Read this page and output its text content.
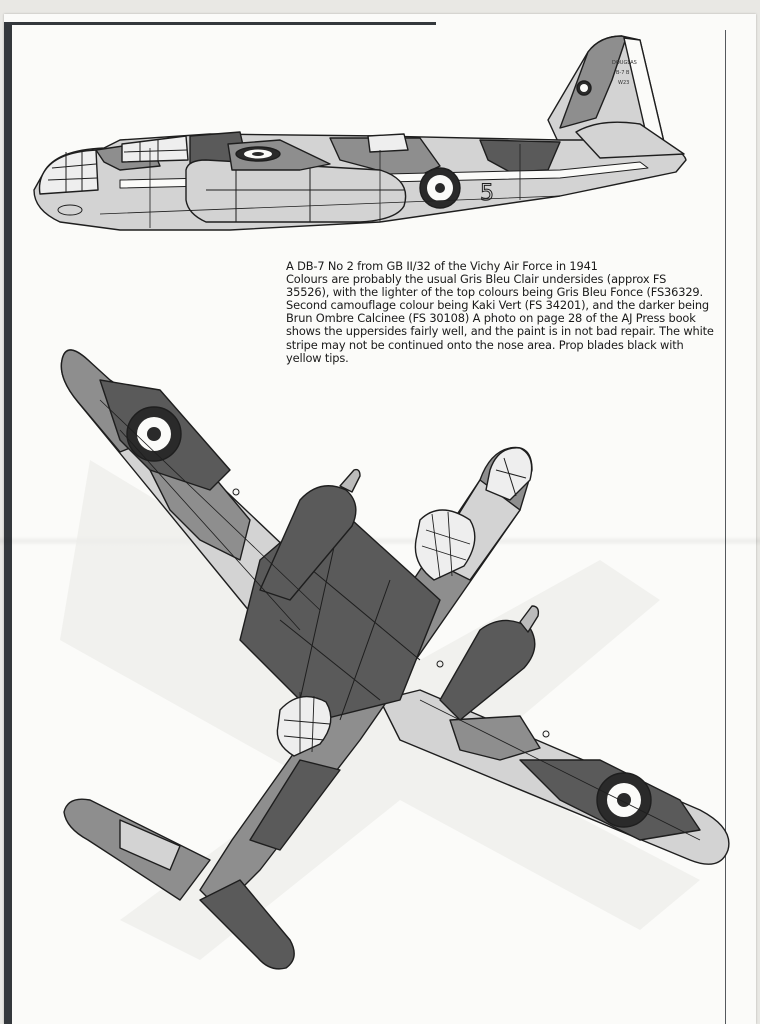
5
DOUGLAS
B-7 B
W23
A DB-7 No 2 from GB II/32 of the Vichy Air Force in 1941
Colours are probably the usual Gris Bleu Clair undersides (approx FS
35526), with the lighter of the top colours being Gris Bleu Fonce (FS36329.
Second camouflage colour being Kaki Vert (FS 34201), and the darker being
Brun Ombre Calcinee (FS 30108) A photo on page 28 of the AJ Press book
shows the uppersides fairly well, and the paint is in not bad repair. The white
stripe may not be continued onto the nose area. Prop blades black with
yellow tips.
